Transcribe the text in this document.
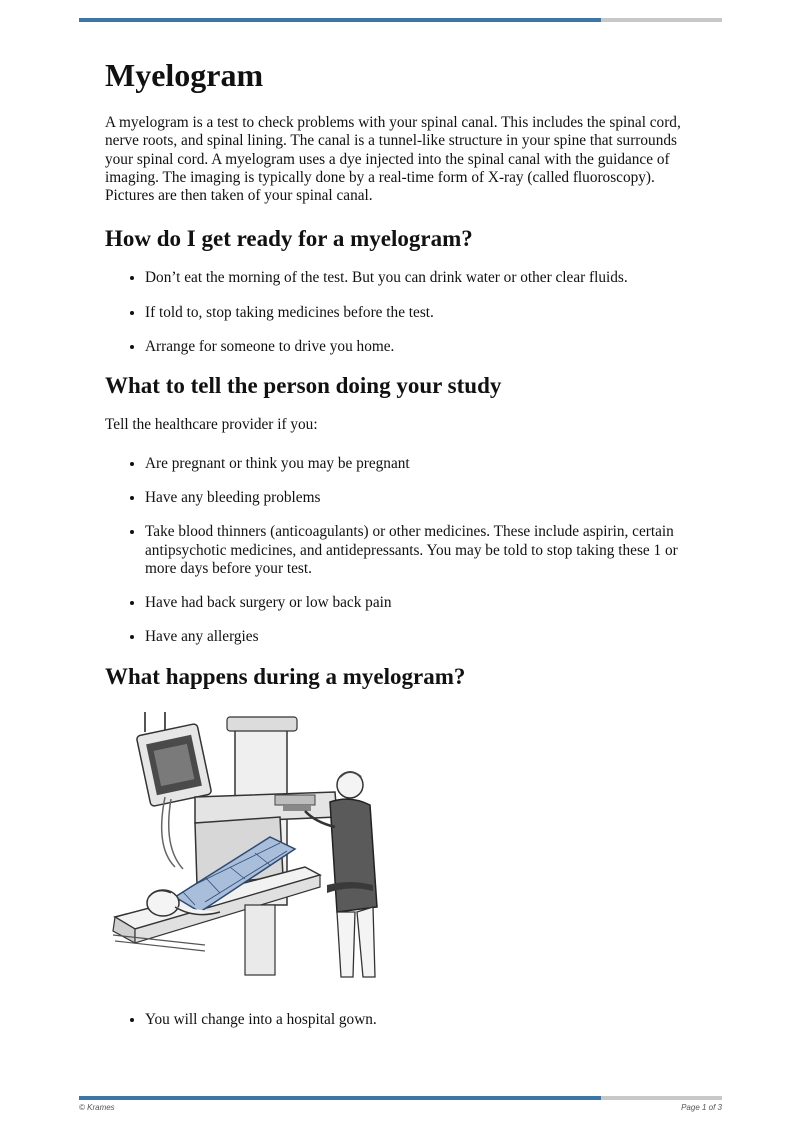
Myelogram

A myelogram is a test to check problems with your spinal canal. This includes the spinal cord, nerve roots, and spinal lining. The canal is a tunnel-like structure in your spine that surrounds your spinal cord. A myelogram uses a dye injected into the spinal canal with the guidance of imaging. The imaging is typically done by a real-time form of X-ray (called fluoroscopy). Pictures are then taken of your spinal canal.

How do I get ready for a myelogram?
• Don’t eat the morning of the test. But you can drink water or other clear fluids.
• If told to, stop taking medicines before the test.
• Arrange for someone to drive you home.
What to tell the person doing your study

Tell the healthcare provider if you:

• Are pregnant or think you may be pregnant
• Have any bleeding problems
• Take blood thinners (anticoagulants) or other medicines. These include aspirin, certain antipsychotic medicines, and antidepressants. You may be told to stop taking these 1 or more days before your test.
• Have had back surgery or low back pain
• Have any allergies
What happens during a myelogram?
• You will change into a hospital gown.
© Krames	Page 1 of 3
